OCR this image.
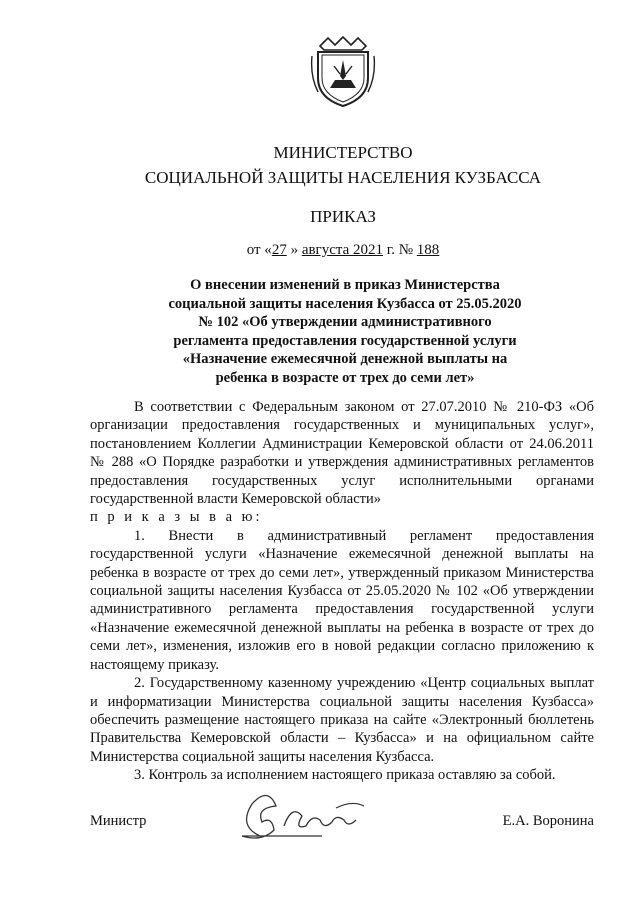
МИНИСТЕРСТВО
СОЦИАЛЬНОЙ ЗАЩИТЫ НАСЕЛЕНИЯ КУЗБАССА
ПРИКАЗ
от «27 » августа 2021 г. № 188
О внесении изменений в приказ Министерства
социальной защиты населения Кузбасса от 25.05.2020
№ 102 «Об утверждении административного
регламента предоставления государственной услуги
«Назначение ежемесячной денежной выплаты на
ребенка в возрасте от трех до семи лет»

В соответствии с Федеральным законом от 27.07.2010 № 210-ФЗ «Об организации предоставления государственных и муниципальных услуг», постановлением Коллегии Администрации Кемеровской области от 24.06.2011 № 288 «О Порядке разработки и утверждения административных регламентов предоставления государственных услуг исполнительными органами государственной власти Кемеровской области»

п р и к а з ы в а ю:

1. Внести в административный регламент предоставления государственной услуги «Назначение ежемесячной денежной выплаты на ребенка в возрасте от трех до семи лет», утвержденный приказом Министерства социальной защиты населения Кузбасса от 25.05.2020 № 102 «Об утверждении административного регламента предоставления государственной услуги «Назначение ежемесячной денежной выплаты на ребенка в возрасте от трех до семи лет», изменения, изложив его в новой редакции согласно приложению к настоящему приказу.

2. Государственному казенному учреждению «Центр социальных выплат и информатизации Министерства социальной защиты населения Кузбасса» обеспечить размещение настоящего приказа на сайте «Электронный бюллетень Правительства Кемеровской области – Кузбасса» и на официальном сайте Министерства социальной защиты населения Кузбасса.

3. Контроль за исполнением настоящего приказа оставляю за собой.

Министр	Е.А. Воронина
